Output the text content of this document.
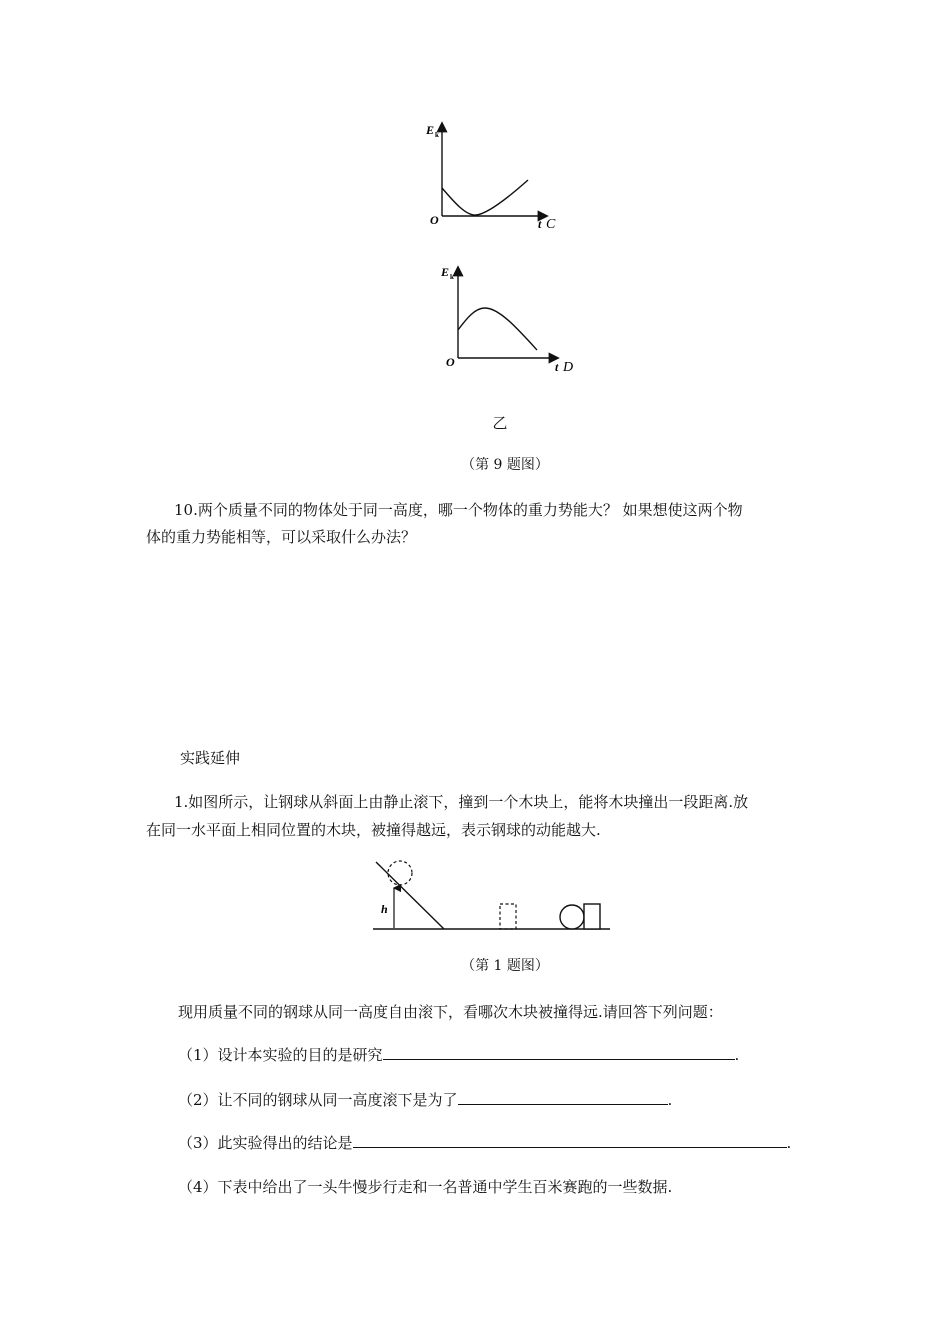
E k
O	t C
E k
O	t D
乙
（第 9 题图）
10.两个质量不同的物体处于同一高度，哪一个物体的重力势能大？ 如果想使这两个物
体的重力势能相等，可以采取什么办法？
实践延伸
1.如图所示，让钢球从斜面上由静止滚下，撞到一个木块上，能将木块撞出一段距离.放
在同一水平面上相同位置的木块，被撞得越远，表示钢球的动能越大.
h
（第 1 题图）
现用质量不同的钢球从同一高度自由滚下，看哪次木块被撞得远.请回答下列问题：
（1）设计本实验的目的是研究	.
（2）让不同的钢球从同一高度滚下是为了	.
（3）此实验得出的结论是	.
（4）下表中给出了一头牛慢步行走和一名普通中学生百米赛跑的一些数据.
